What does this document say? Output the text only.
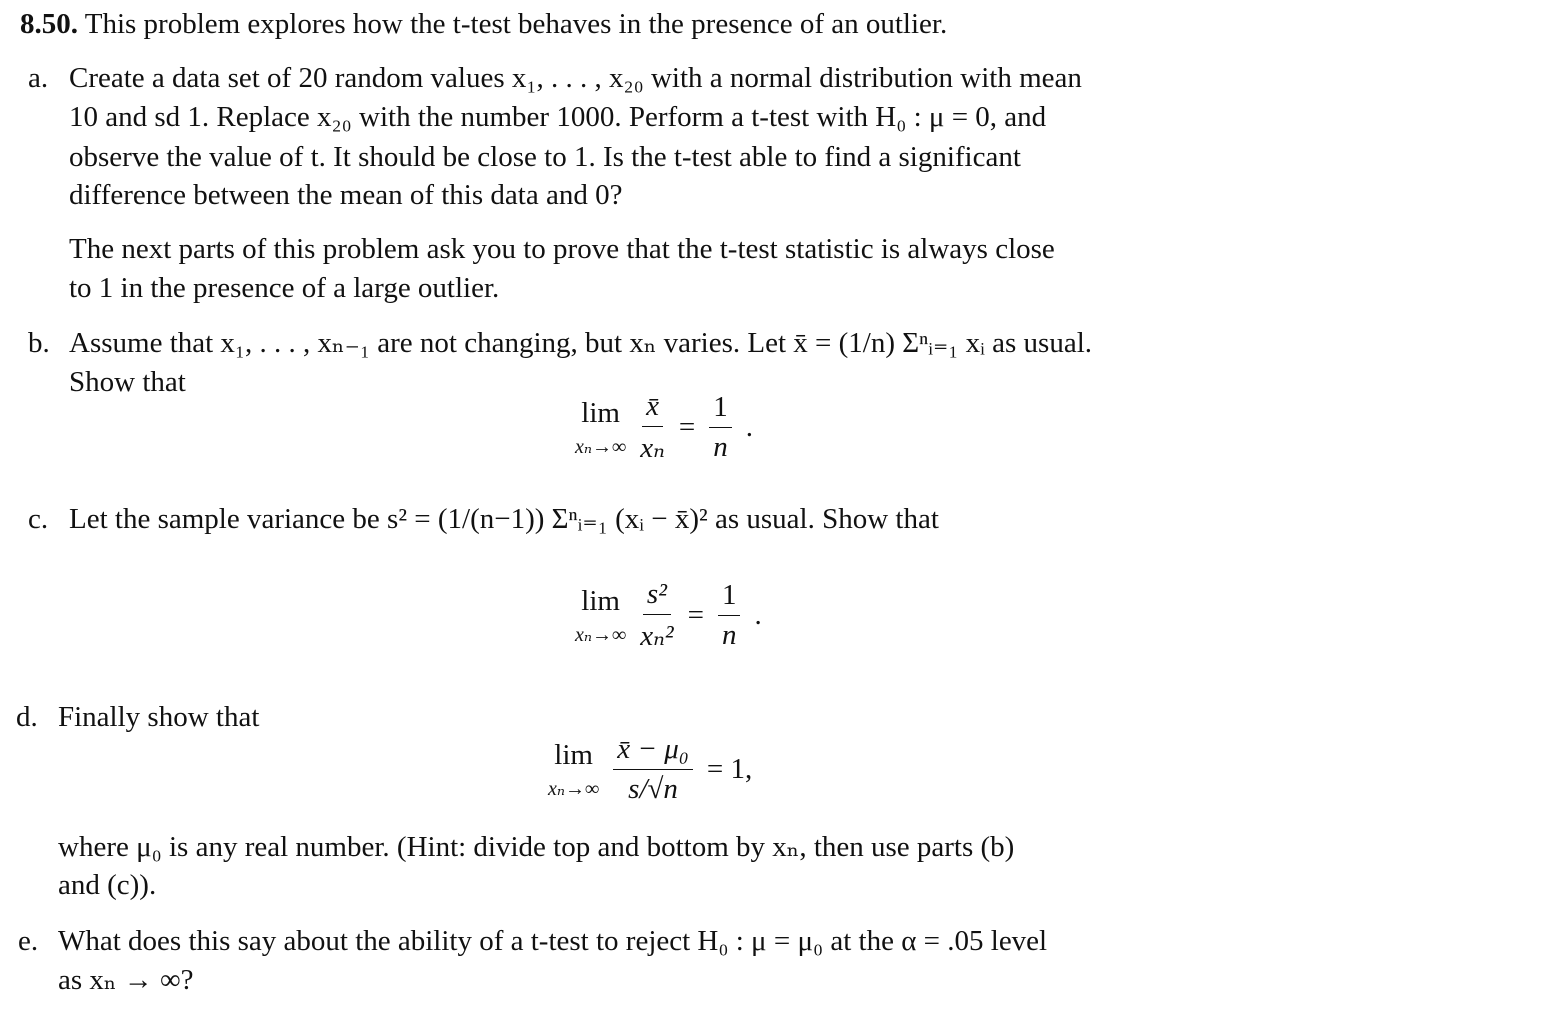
8.50. This problem explores how the t-test behaves in the presence of an outlier.
a. Create a data set of 20 random values x₁, . . . , x₂₀ with a normal distribution with mean
10 and sd 1. Replace x₂₀ with the number 1000. Perform a t-test with H₀ : μ = 0, and
observe the value of t. It should be close to 1. Is the t-test able to find a significant
difference between the mean of this data and 0?
The next parts of this problem ask you to prove that the t-test statistic is always close
to 1 in the presence of a large outlier.
b. Assume that x₁, . . . , xₙ₋₁ are not changing, but xₙ varies. Let x̄ = (1/n) Σⁿᵢ₌₁ xᵢ as usual.
Show that
lim
$x_n\to\infty \frac{x̄}{\text{xₙ}} = \frac{1}{n}$ .
c. Let the sample variance be s² = (1/(n−1)) Σⁿᵢ₌₁ (xᵢ − x̄)² as usual. Show that
lim
$x_n\to\infty \frac{\text{s²}}{\text{xₙ²}} = \frac{1}{n}$ .
d. Finally show that
lim
$x_n\to\infty \frac{\text{x̄ − μ₀}}{s/√n} = 1$,
where μ₀ is any real number. (Hint: divide top and bottom by xₙ, then use parts (b)
and (c)).
e. What does this say about the ability of a t-test to reject H₀ : μ = μ₀ at the α = .05 level
as xₙ → ∞?
